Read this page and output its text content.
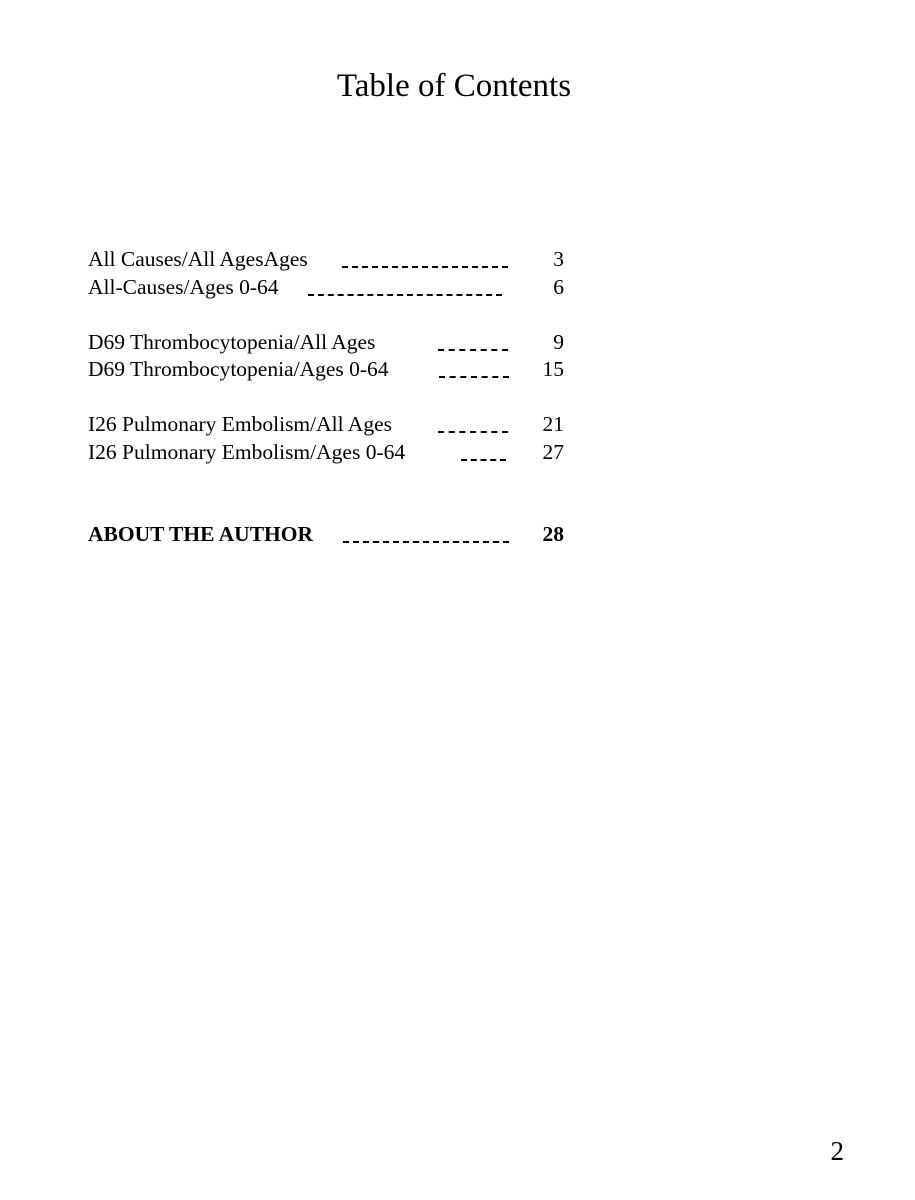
Table of Contents
All Causes/All AgesAges	3
All-Causes/Ages 0-64	6
D69 Thrombocytopenia/All Ages	9
D69 Thrombocytopenia/Ages 0-64	15
I26 Pulmonary Embolism/All Ages	21
I26 Pulmonary Embolism/Ages 0-64	27
ABOUT THE AUTHOR	28
2
